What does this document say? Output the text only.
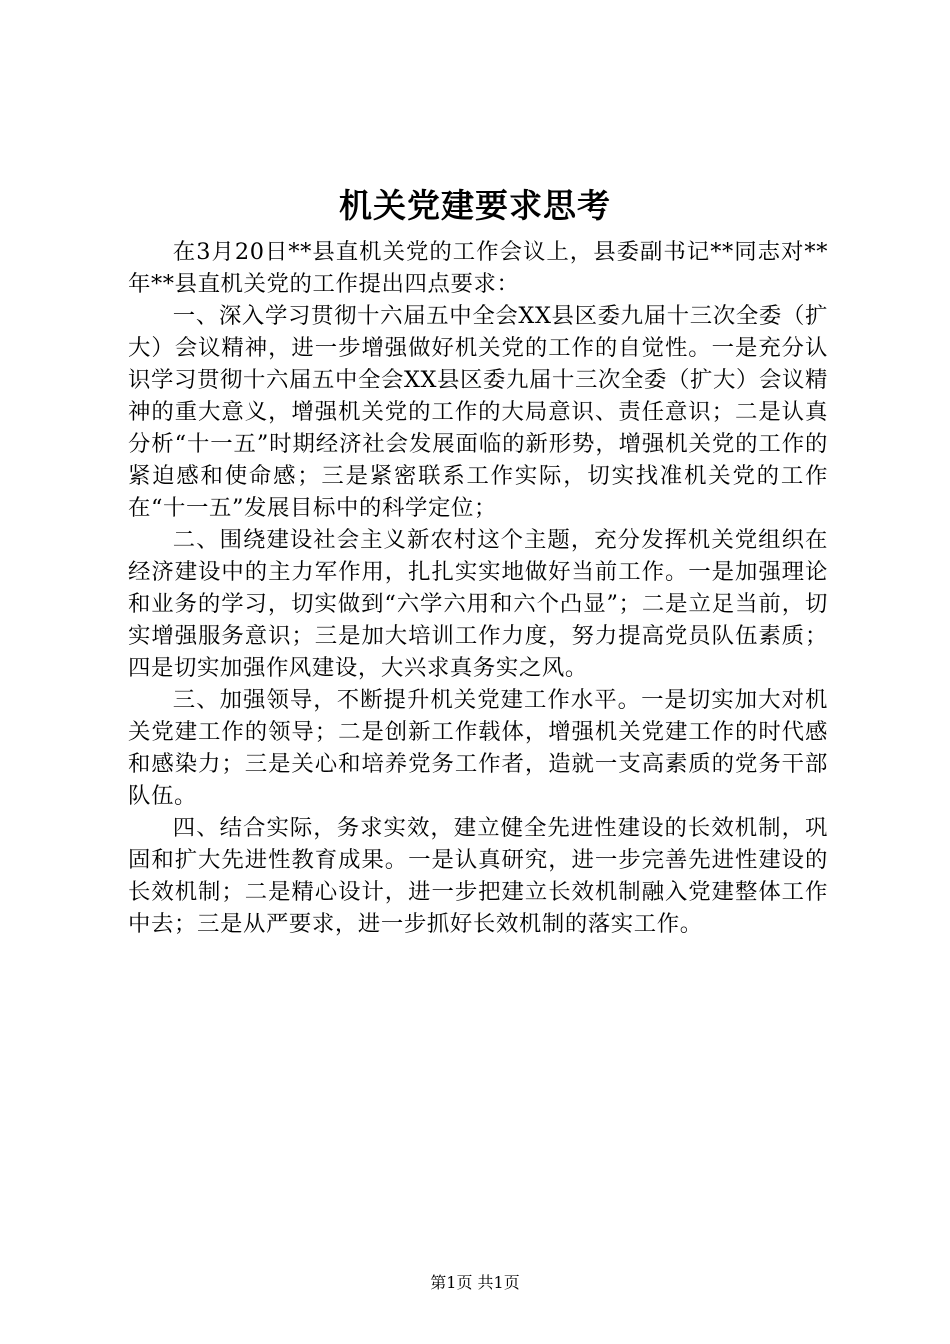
机关党建要求思考

在3月20日**县直机关党的工作会议上，县委副书记**同志对**年**县直机关党的工作提出四点要求：

一、深入学习贯彻十六届五中全会XX县区委九届十三次全委（扩大）会议精神，进一步增强做好机关党的工作的自觉性。一是充分认识学习贯彻十六届五中全会XX县区委九届十三次全委（扩大）会议精神的重大意义，增强机关党的工作的大局意识、责任意识；二是认真分析“十一五”时期经济社会发展面临的新形势，增强机关党的工作的紧迫感和使命感；三是紧密联系工作实际，切实找准机关党的工作在“十一五”发展目标中的科学定位；

二、围绕建设社会主义新农村这个主题，充分发挥机关党组织在经济建设中的主力军作用，扎扎实实地做好当前工作。一是加强理论和业务的学习，切实做到“六学六用和六个凸显”；二是立足当前，切实增强服务意识；三是加大培训工作力度，努力提高党员队伍素质；四是切实加强作风建设，大兴求真务实之风。

三、加强领导，不断提升机关党建工作水平。一是切实加大对机关党建工作的领导；二是创新工作载体，增强机关党建工作的时代感和感染力；三是关心和培养党务工作者，造就一支高素质的党务干部队伍。

四、结合实际，务求实效，建立健全先进性建设的长效机制，巩固和扩大先进性教育成果。一是认真研究，进一步完善先进性建设的长效机制；二是精心设计，进一步把建立长效机制融入党建整体工作中去；三是从严要求，进一步抓好长效机制的落实工作。

第1页 共1页
